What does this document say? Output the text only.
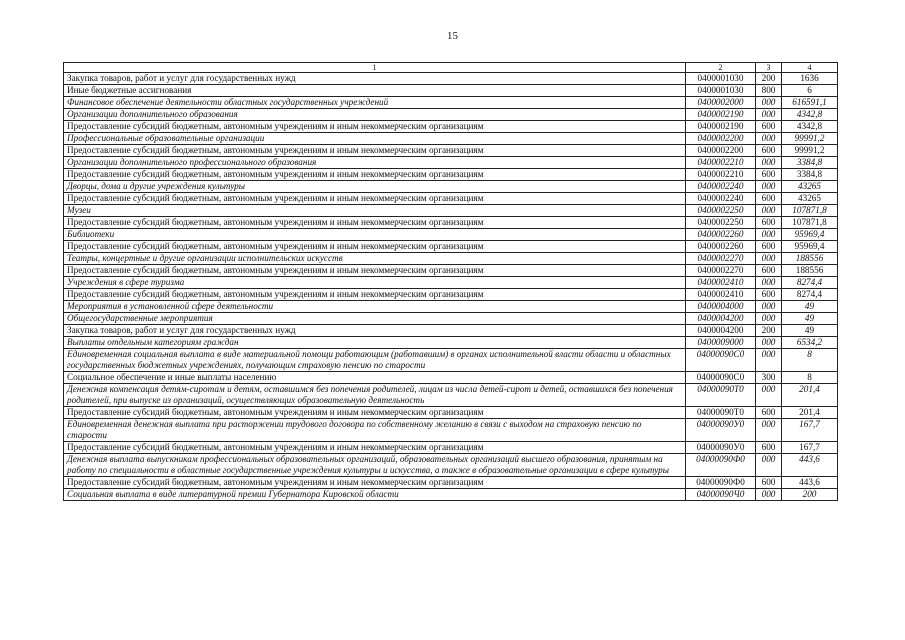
15
1	2	3	4
Закупка товаров, работ и услуг для государственных нужд	0400001030	200	1636
Иные бюджетные ассигнования	0400001030	800	6
Финансовое обеспечение деятельности областных государственных учреждений	0400002000	000	616591,1
Организации дополнительного образования	0400002190	000	4342,8
Предоставление субсидий бюджетным, автономным учреждениям и иным некоммерческим организациям	0400002190	600	4342,8
Профессиональные образовательные организации	0400002200	000	99991,2
Предоставление субсидий бюджетным, автономным учреждениям и иным некоммерческим организациям	0400002200	600	99991,2
Организации дополнительного профессионального образования	0400002210	000	3384,8
Предоставление субсидий бюджетным, автономным учреждениям и иным некоммерческим организациям	0400002210	600	3384,8
Дворцы, дома и другие учреждения культуры	0400002240	000	43265
Предоставление субсидий бюджетным, автономным учреждениям и иным некоммерческим организациям	0400002240	600	43265
Музеи	0400002250	000	107871,8
Предоставление субсидий бюджетным, автономным учреждениям и иным некоммерческим организациям	0400002250	600	107871,8
Библиотеки	0400002260	000	95969,4
Предоставление субсидий бюджетным, автономным учреждениям и иным некоммерческим организациям	0400002260	600	95969,4
Театры, концертные и другие организации исполнительских искусств	0400002270	000	188556
Предоставление субсидий бюджетным, автономным учреждениям и иным некоммерческим организациям	0400002270	600	188556
Учреждения в сфере туризма	0400002410	000	8274,4
Предоставление субсидий бюджетным, автономным учреждениям и иным некоммерческим организациям	0400002410	600	8274,4
Мероприятия в установленной сфере деятельности	0400004000	000	49
Общегосударственные мероприятия	0400004200	000	49
Закупка товаров, работ и услуг для государственных нужд	0400004200	200	49
Выплаты отдельным категориям граждан	0400009000	000	6534,2
Единовременная социальная выплата в виде материальной помощи работающим (работавшим) в органах исполнительной власти области и областных государственных бюджетных учреждениях, получающим страховую пенсию по старости	04000090С0	000	8
Социальное обеспечение и иные выплаты населению	04000090С0	300	8
Денежная компенсация детям-сиротам и детям, оставшимся без попечения родителей, лицам из числа детей-сирот и детей, оставшихся без попечения родителей, при выпуске из организаций, осуществляющих образовательную деятельность	04000090Т0	000	201,4
Предоставление субсидий бюджетным, автономным учреждениям и иным некоммерческим организациям	04000090Т0	600	201,4
Единовременная денежная выплата при расторжении трудового договора по собственному желанию в связи с выходом на страховую пенсию по старости	04000090У0	000	167,7
Предоставление субсидий бюджетным, автономным учреждениям и иным некоммерческим организациям	04000090У0	600	167,7
Денежная выплата выпускникам профессиональных образовательных организаций, образовательных организаций высшего образования, принятым на работу по специальности в областные государственные учреждения культуры и искусства, а также в образовательные организации в сфере культуры	04000090Ф0	000	443,6
Предоставление субсидий бюджетным, автономным учреждениям и иным некоммерческим организациям	04000090Ф0	600	443,6
Социальная выплата в виде литературной премии Губернатора Кировской области	04000090Ч0	000	200
